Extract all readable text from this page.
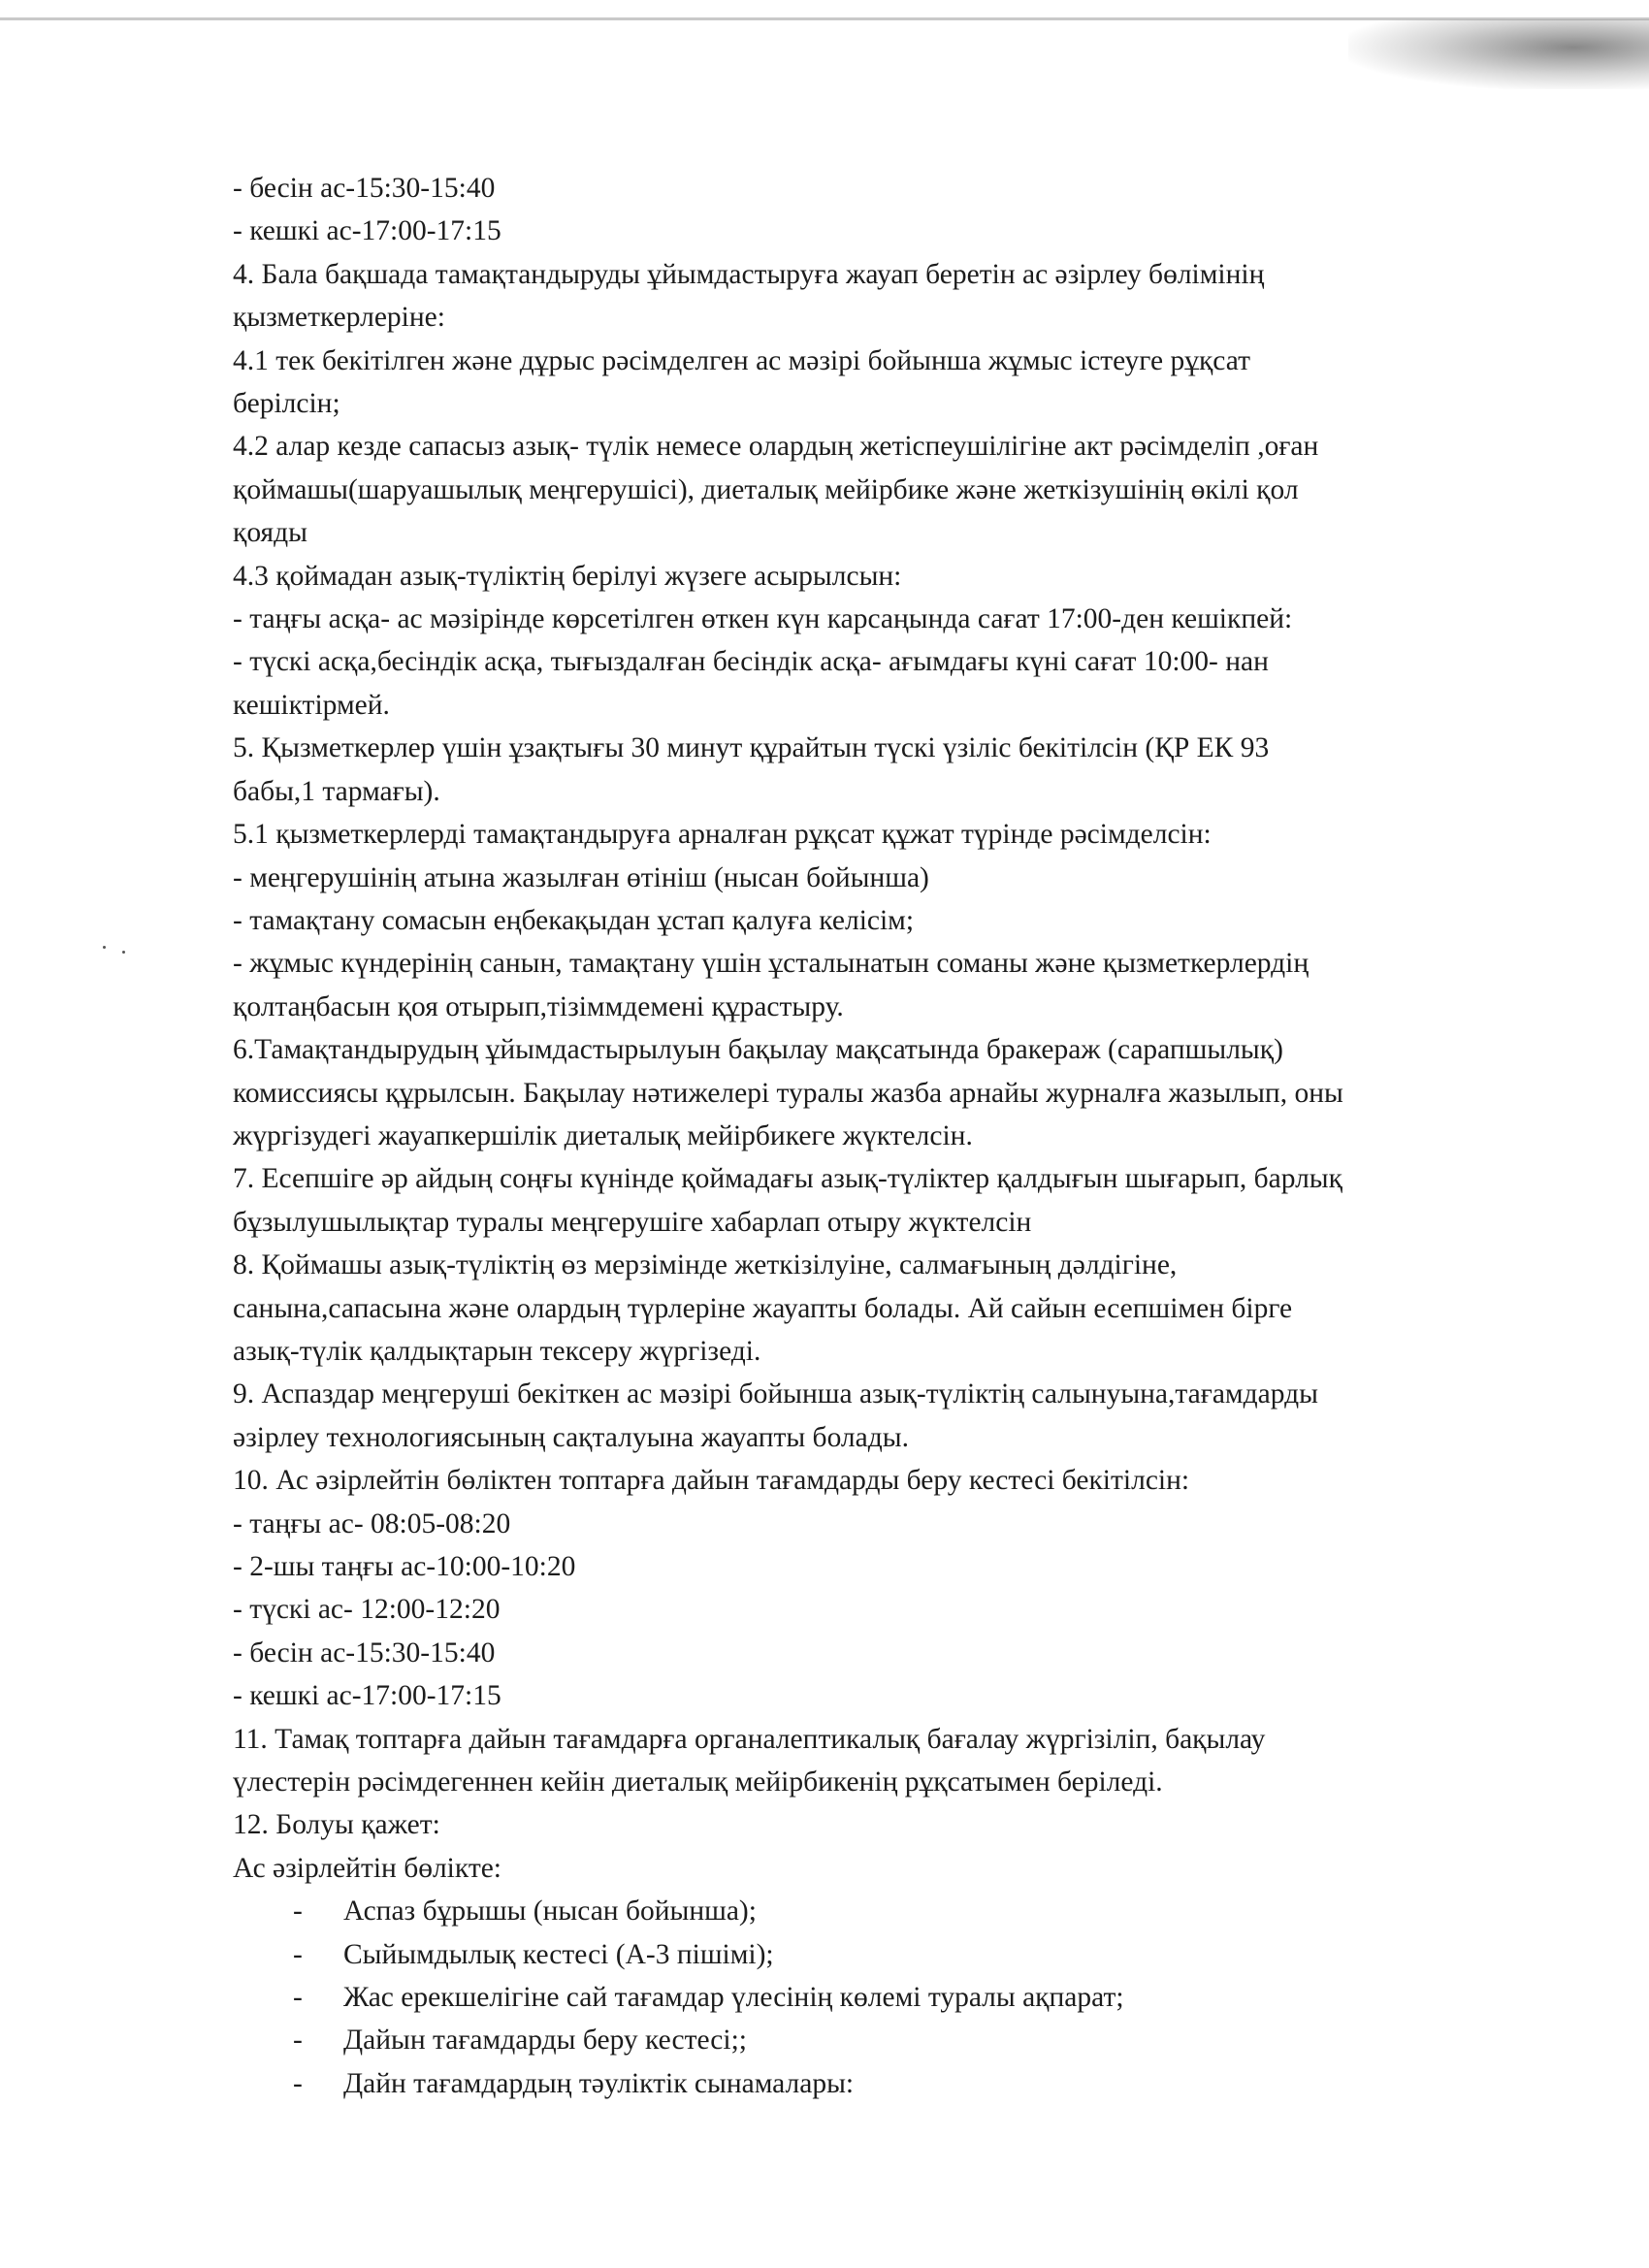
- бесін ас-15:30-15:40
- кешкі ас-17:00-17:15
4. Бала бақшада тамақтандыруды ұйымдастыруға жауап беретін ас әзірлеу бөлімінің
қызметкерлеріне:
4.1 тек бекітілген және дұрыс рәсімделген ас мәзірі бойынша жұмыс істеуге рұқсат
берілсін;
4.2 алар кезде сапасыз азық- түлік немесе олардың жетіспеушілігіне акт рәсімделіп ,оған
қоймашы(шаруашылық меңгерушісі), диеталық мейірбике және жеткізушінің өкілі қол
қояды
4.3 қоймадан азық-түліктің берілуі жүзеге асырылсын:
- таңғы асқа- ас мәзірінде көрсетілген өткен күн карсаңында сағат 17:00-ден кешікпей:
- түскі асқа,бесіндік асқа, тығыздалған бесіндік асқа- ағымдағы күні сағат 10:00- нан
кешіктірмей.
5. Қызметкерлер үшін ұзақтығы 30 минут құрайтын түскі үзіліс бекітілсін (ҚР ЕК 93
бабы,1 тармағы).
5.1 қызметкерлерді тамақтандыруға арналған рұқсат құжат түрінде рәсімделсін:
- меңгерушінің атына жазылған өтініш (нысан бойынша)
- тамақтану сомасын еңбекақыдан ұстап қалуға келісім;
- жұмыс күндерінің санын, тамақтану үшін ұсталынатын соманы және қызметкерлердің
қолтаңбасын қоя отырып,тізіммдемені құрастыру.
6.Тамақтандырудың ұйымдастырылуын бақылау мақсатында бракераж (сарапшылық)
комиссиясы құрылсын. Бақылау нәтижелері туралы жазба арнайы журналға жазылып, оны
жүргізудегі жауапкершілік диеталық мейірбикеге жүктелсін.
7. Есепшіге әр айдың соңғы күнінде қоймадағы азық-түліктер қалдығын шығарып, барлық
бұзылушылықтар туралы меңгерушіге хабарлап отыру жүктелсін
8. Қоймашы азық-түліктің өз мерзімінде жеткізілуіне, салмағының дәлдігіне,
санына,сапасына және олардың түрлеріне жауапты болады. Ай сайын есепшімен бірге
азық-түлік қалдықтарын тексеру жүргізеді.
9. Аспаздар меңгеруші бекіткен ас мәзірі бойынша азық-түліктің салынуына,тағамдарды
әзірлеу технологиясының сақталуына жауапты болады.
10. Ас әзірлейтін бөліктен топтарға дайын тағамдарды беру кестесі бекітілсін:
- таңғы ас- 08:05-08:20
- 2-шы таңғы ас-10:00-10:20
- түскі ас- 12:00-12:20
- бесін ас-15:30-15:40
- кешкі ас-17:00-17:15
11. Тамақ топтарға дайын тағамдарға органалептикалық бағалау жүргізіліп, бақылау
үлестерін рәсімдегеннен кейін диеталық мейірбикенің рұқсатымен беріледі.
12. Болуы қажет:
Ас әзірлейтін бөлікте:
- Аспаз бұрышы (нысан бойынша);
- Сыйымдылық кестесі (А-3 пішімі);
- Жас ерекшелігіне сай тағамдар үлесінің көлемі туралы ақпарат;
- Дайын тағамдарды беру кестесі;;
- Дайн тағамдардың тәуліктік сынамалары:
